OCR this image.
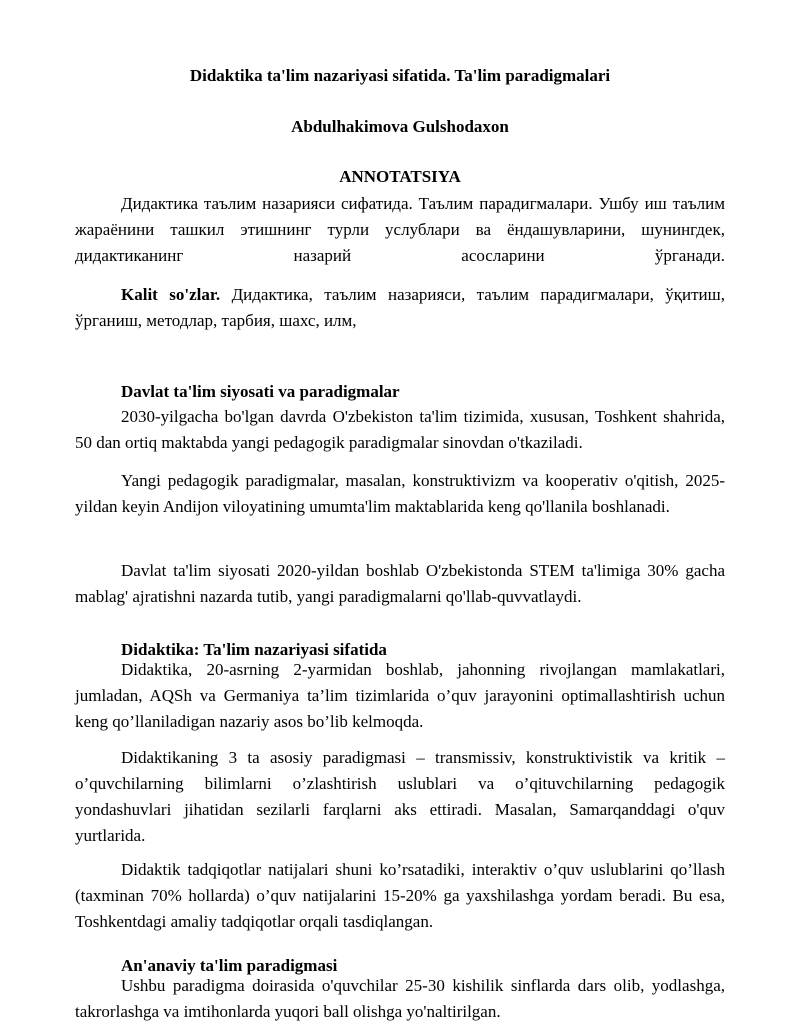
Didaktika ta'lim nazariyasi sifatida. Ta'lim paradigmalari
Abdulhakimova Gulshodaxon
ANNOTATSIYA
Дидактика таълим назарияси сифатида. Таълим парадигмалари. Ушбу иш таълим жараёнини ташкил этишнинг турли услублари ва ёндашувларини, шунингдек, дидактиканинг назарий асосларини ўрганади.
Kalit so'zlar. Дидактика, таълим назарияси, таълим парадигмалари, ўқитиш, ўрганиш, методлар, тарбия, шахс, илм,
Davlat ta'lim siyosati va paradigmalar
2030-yilgacha bo'lgan davrda O'zbekiston ta'lim tizimida, xususan, Toshkent shahrida, 50 dan ortiq maktabda yangi pedagogik paradigmalar sinovdan o'tkaziladi.
Yangi pedagogik paradigmalar, masalan, konstruktivizm va kooperativ o'qitish, 2025-yildan keyin Andijon viloyatining umumta'lim maktablarida keng qo'llanila boshlanadi.
Davlat ta'lim siyosati 2020-yildan boshlab O'zbekistonda STEM ta'limiga 30% gacha mablag' ajratishni nazarda tutib, yangi paradigmalarni qo'llab-quvvatlaydi.
Didaktika: Ta'lim nazariyasi sifatida
Didaktika, 20-asrning 2-yarmidan boshlab, jahonning rivojlangan mamlakatlari, jumladan, AQSh va Germaniya ta’lim tizimlarida o’quv jarayonini optimallashtirish uchun keng qo’llaniladigan nazariy asos bo’lib kelmoqda.
Didaktikaning 3 ta asosiy paradigmasi – transmissiv, konstruktivistik va kritik – o’quvchilarning bilimlarni o’zlashtirish uslublari va o’qituvchilarning pedagogik yondashuvlari jihatidan sezilarli farqlarni aks ettiradi. Masalan, Samarqanddagi o'quv yurtlarida.
Didaktik tadqiqotlar natijalari shuni ko’rsatadiki, interaktiv o’quv uslublarini qo’llash (taxminan 70% hollarda) o’quv natijalarini 15-20% ga yaxshilashga yordam beradi. Bu esa, Toshkentdagi amaliy tadqiqotlar orqali tasdiqlangan.
An'anaviy ta'lim paradigmasi
Ushbu paradigma doirasida o'quvchilar 25-30 kishilik sinflarda dars olib, yodlashga, takrorlashga va imtihonlarda yuqori ball olishga yo'naltirilgan.
